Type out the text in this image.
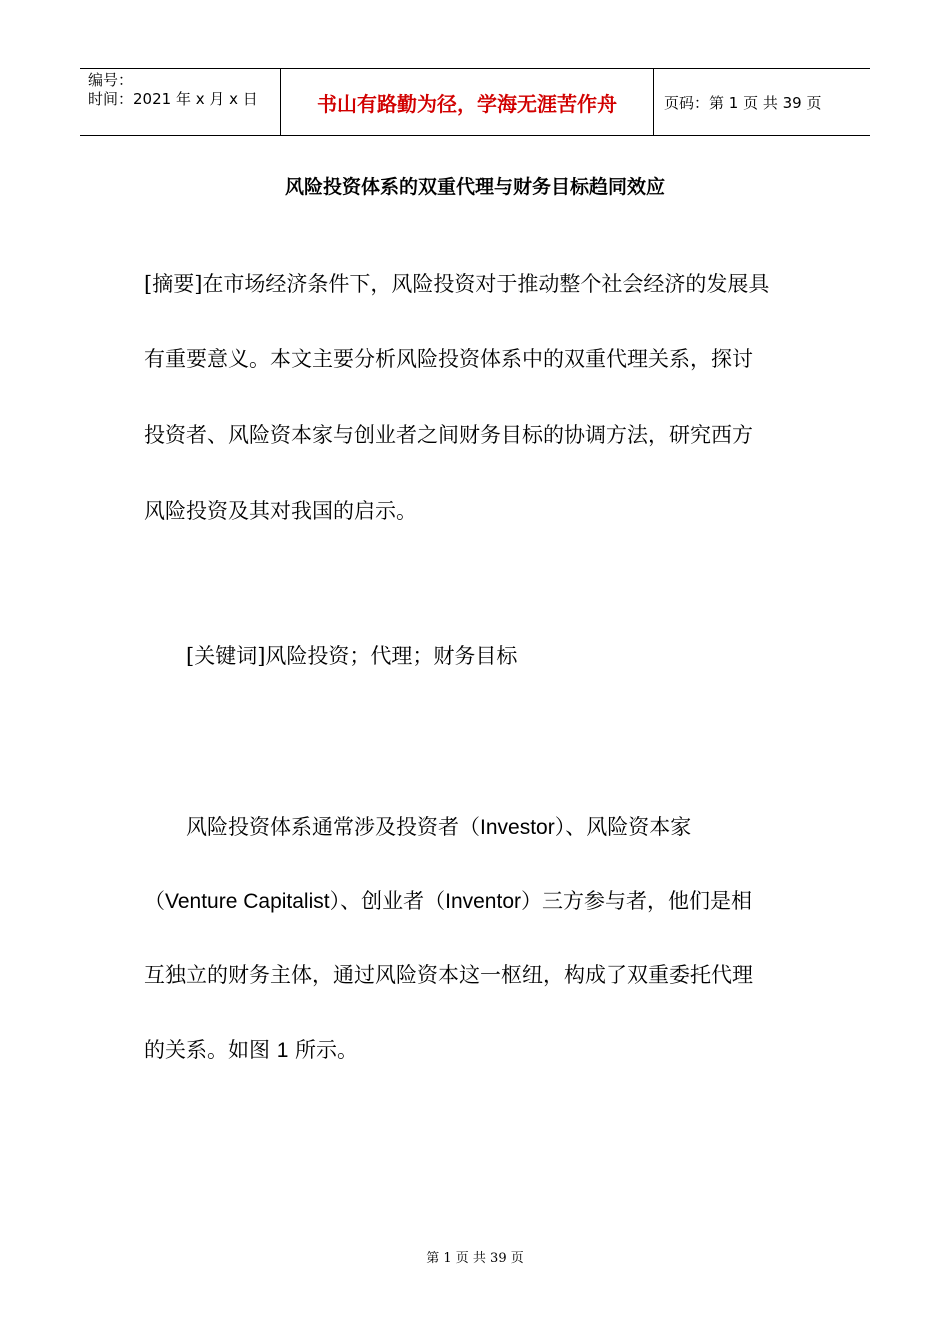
编号：
时间：2021 年 x 月 x 日	书山有路勤为径，学海无涯苦作舟	页码：第 1 页 共 39 页
风险投资体系的双重代理与财务目标趋同效应
[摘要]在市场经济条件下，风险投资对于推动整个社会经济的发展具
有重要意义。本文主要分析风险投资体系中的双重代理关系，探讨
投资者、风险资本家与创业者之间财务目标的协调方法，研究西方
风险投资及其对我国的启示。
[关键词]风险投资；代理；财务目标
风险投资体系通常涉及投资者（Investor）、风险资本家
（Venture Capitalist）、创业者（Inventor）三方参与者，他们是相
互独立的财务主体，通过风险资本这一枢纽，构成了双重委托代理
的关系。如图 1 所示。
第 1 页 共 39 页
